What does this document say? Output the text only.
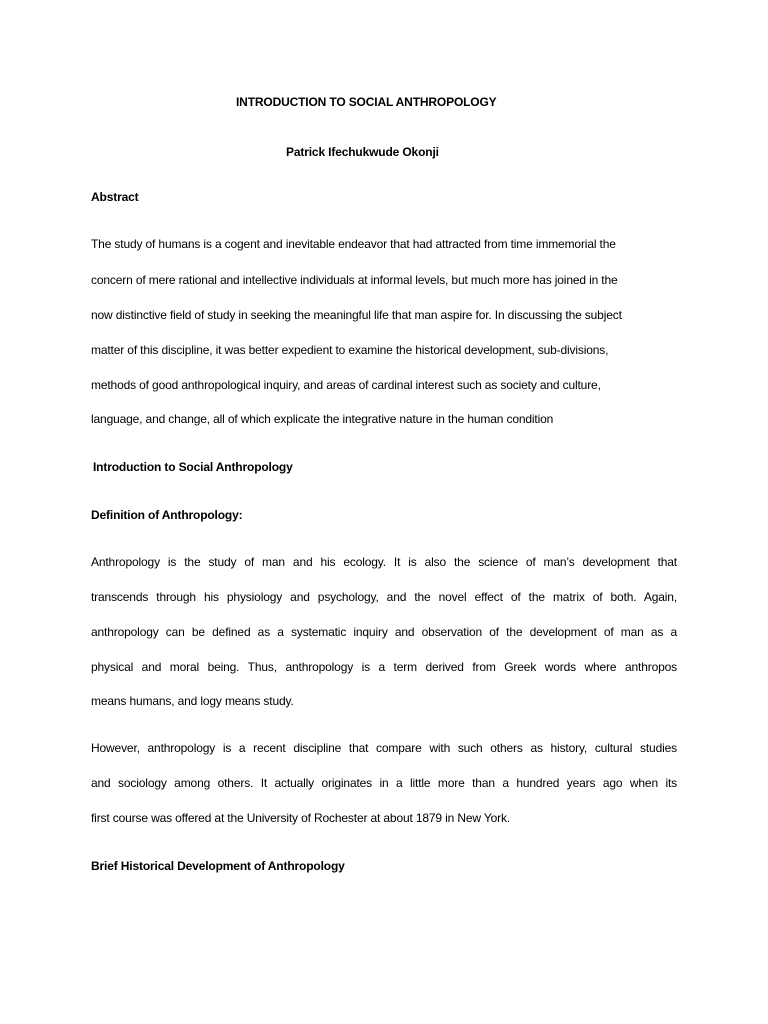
INTRODUCTION TO SOCIAL ANTHROPOLOGY
Patrick Ifechukwude Okonji
Abstract
The study of humans is a cogent and inevitable endeavor that had attracted from time immemorial the
concern of mere rational and intellective individuals at informal levels, but much more has joined in the
now distinctive field of study in seeking the meaningful life that man aspire for. In discussing the subject
matter of this discipline, it was better expedient to examine the historical development, sub-divisions,
methods of good anthropological inquiry, and areas of cardinal interest such as society and culture,
language, and change, all of which explicate the integrative nature in the human condition
Introduction to Social Anthropology
Definition of Anthropology:
Anthropology is the study of man and his ecology. It is also the science of man’s development that
transcends through his physiology and psychology, and the novel effect of the matrix of both. Again,
anthropology can be defined as a systematic inquiry and observation of the development of man as a
physical and moral being. Thus, anthropology is a term derived from Greek words where anthropos
means humans, and logy means study.
However, anthropology is a recent discipline that compare with such others as history, cultural studies
and sociology among others. It actually originates in a little more than a hundred years ago when its
first course was offered at the University of Rochester at about 1879 in New York.
Brief Historical Development of Anthropology
